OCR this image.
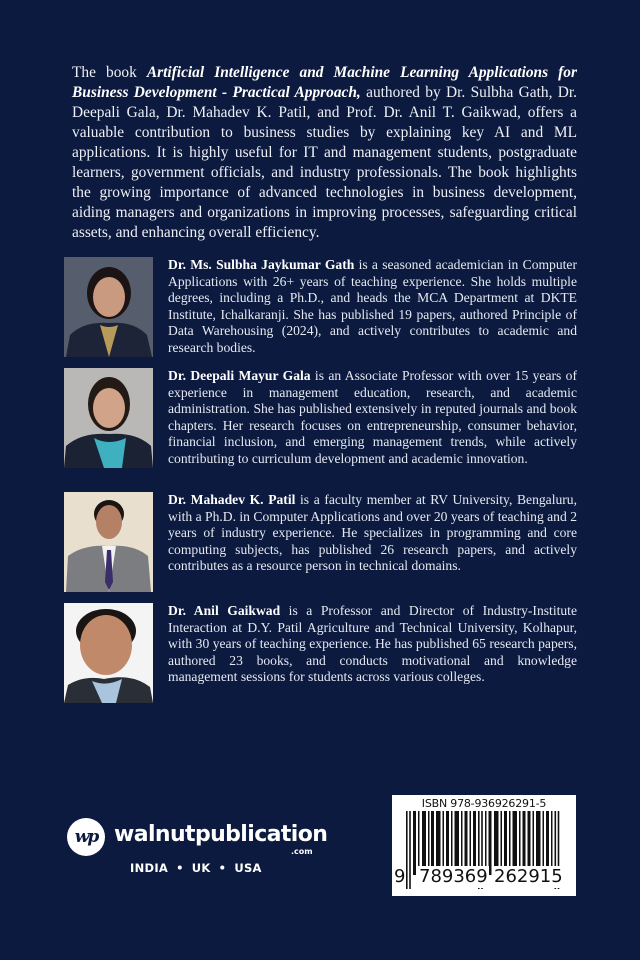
The book Artificial Intelligence and Machine Learning Applications for Business Development - Practical Approach, authored by Dr. Sulbha Gath, Dr. Deepali Gala, Dr. Mahadev K. Patil, and Prof. Dr. Anil T. Gaikwad, offers a valuable contribution to business studies by explaining key AI and ML applications. It is highly useful for IT and management students, postgraduate learners, government officials, and industry professionals. The book highlights the growing importance of advanced technologies in business development, aiding managers and organizations in improving processes, safeguarding critical assets, and enhancing overall efficiency.

Dr. Ms. Sulbha Jaykumar Gath is a seasoned academician in Computer Applications with 26+ years of teaching experience. She holds multiple degrees, including a Ph.D., and heads the MCA Department at DKTE Institute, Ichalkaranji. She has published 19 papers, authored Principle of Data Warehousing (2024), and actively contributes to academic and research bodies.

Dr. Deepali Mayur Gala is an Associate Professor with over 15 years of experience in management education, research, and academic administration. She has published extensively in reputed journals and book chapters. Her research focuses on entrepreneurship, consumer behavior, financial inclusion, and emerging management trends, while actively contributing to curriculum development and academic innovation.

Dr. Mahadev K. Patil is a faculty member at RV University, Bengaluru, with a Ph.D. in Computer Applications and over 20 years of teaching and 2 years of industry experience. He specializes in programming and core computing subjects, has published 26 research papers, and actively contributes as a resource person in technical domains.

Dr. Anil Gaikwad is a Professor and Director of Industry-Institute Interaction at D.Y. Patil Agriculture and Technical University, Kolhapur, with 30 years of teaching experience. He has published 65 research papers, authored 23 books, and conducts motivational and knowledge management sessions for students across various colleges.

wp walnutpublication
.com
INDIA • UK • USA
ISBN 978-936926291-5
9 789369 262915
